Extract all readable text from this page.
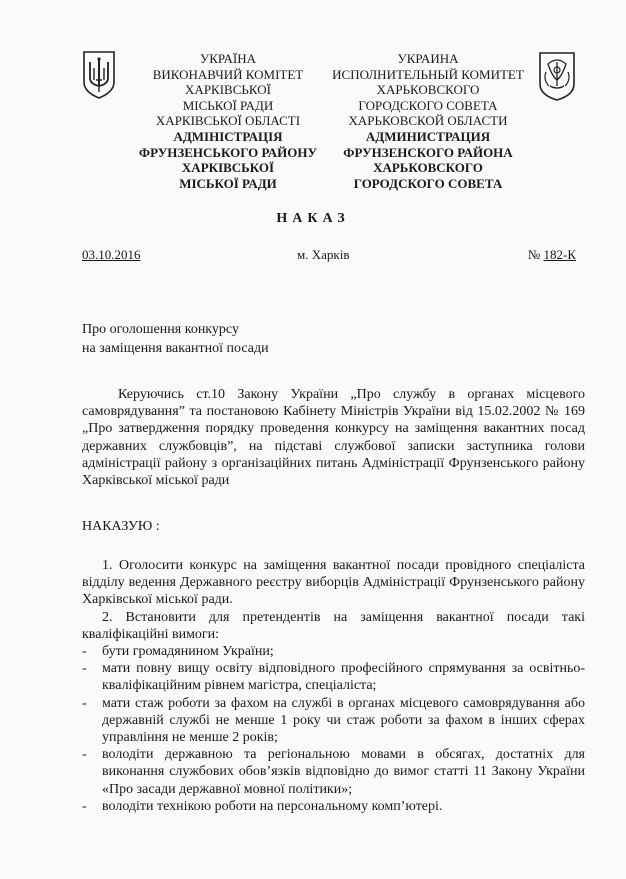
УКРАЇНА
ВИКОНАВЧИЙ КОМІТЕТ
ХАРКІВСЬКОЇ
МІСЬКОЇ РАДИ
ХАРКІВСЬКОЇ ОБЛАСТІ
АДМІНІСТРАЦІЯ
ФРУНЗЕНСЬКОГО РАЙОНУ
ХАРКІВСЬКОЇ
МІСЬКОЇ РАДИ
УКРАИНА
ИСПОЛНИТЕЛЬНЫЙ КОМИТЕТ
ХАРЬКОВСКОГО
ГОРОДСКОГО СОВЕТА
ХАРЬКОВСКОЙ ОБЛАСТИ
АДМИНИСТРАЦИЯ
ФРУНЗЕНСКОГО РАЙОНА
ХАРЬКОВСКОГО
ГОРОДСКОГО СОВЕТА
НАКАЗ
03.10.2016	м. Харків	№ 182-К
Про оголошення конкурсу
на заміщення вакантної посади
Керуючись ст.10 Закону України „Про службу в органах місцевого самоврядування” та постановою Кабінету Міністрів України від 15.02.2002 № 169 „Про затвердження порядку проведення конкурсу на заміщення вакантних посад державних службовців”, на підставі службової записки заступника голови адміністрації району з організаційних питань Адміністрації Фрунзенського району Харківської міської ради
НАКАЗУЮ :
1. Оголосити конкурс на заміщення вакантної посади провідного спеціаліста відділу ведення Державного реєстру виборців Адміністрації Фрунзенського району Харківської міської ради.
2. Встановити для претендентів на заміщення вакантної посади такі кваліфікаційні вимоги:
- бути громадянином України;
- мати повну вищу освіту відповідного професійного спрямування за освітньо-кваліфікаційним рівнем магістра, спеціаліста;
- мати стаж роботи за фахом на службі в органах місцевого самоврядування або державній службі не менше 1 року чи стаж роботи за фахом в інших сферах управління не менше 2 років;
- володіти державною та регіональною мовами в обсягах, достатніх для виконання службових обов’язків відповідно до вимог статті 11 Закону України «Про засади державної мовної політики»;
- володіти технікою роботи на персональному комп’ютері.
